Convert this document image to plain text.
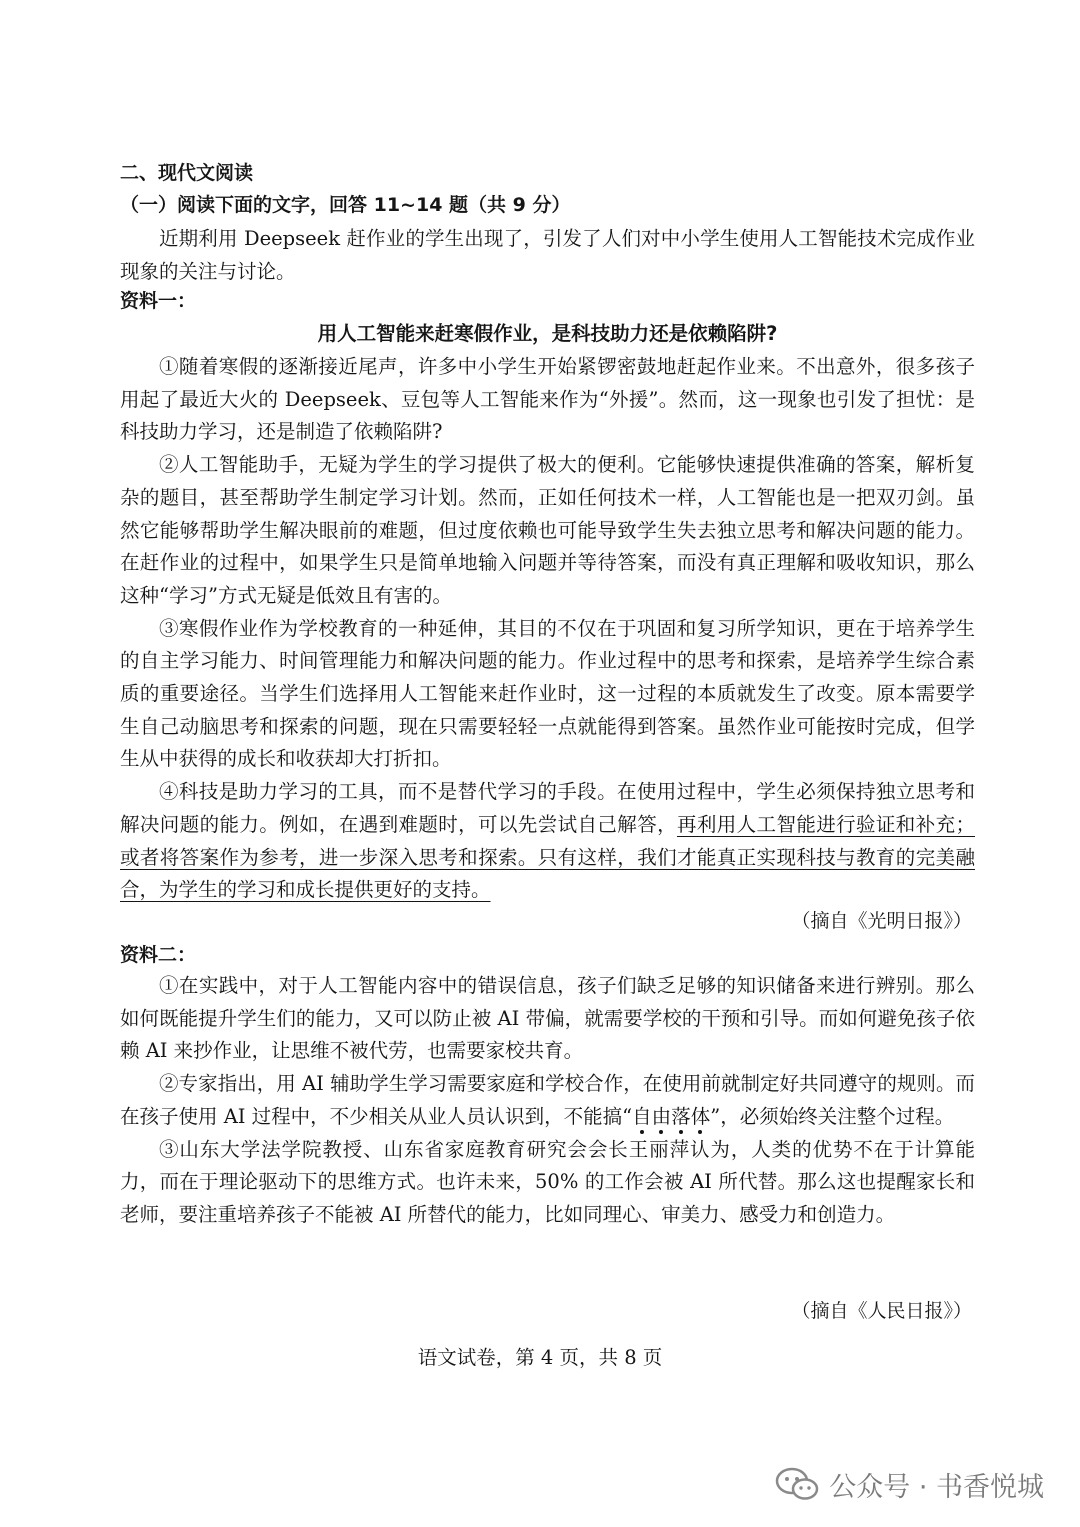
二、现代文阅读
（一）阅读下面的文字，回答 11~14 题（共 9 分）
近期利用 Deepseek 赶作业的学生出现了，引发了人们对中小学生使用人工智能技术完成作业现象的关注与讨论。
资料一：
用人工智能来赶寒假作业，是科技助力还是依赖陷阱?

①随着寒假的逐渐接近尾声，许多中小学生开始紧锣密鼓地赶起作业来。不出意外，很多孩子用起了最近大火的 Deepseek、豆包等人工智能来作为“外援”。然而，这一现象也引发了担忧：是科技助力学习，还是制造了依赖陷阱?

②人工智能助手，无疑为学生的学习提供了极大的便利。它能够快速提供准确的答案，解析复杂的题目，甚至帮助学生制定学习计划。然而，正如任何技术一样，人工智能也是一把双刃剑。虽然它能够帮助学生解决眼前的难题，但过度依赖也可能导致学生失去独立思考和解决问题的能力。在赶作业的过程中，如果学生只是简单地输入问题并等待答案，而没有真正理解和吸收知识，那么这种“学习”方式无疑是低效且有害的。

③寒假作业作为学校教育的一种延伸，其目的不仅在于巩固和复习所学知识，更在于培养学生的自主学习能力、时间管理能力和解决问题的能力。作业过程中的思考和探索，是培养学生综合素质的重要途径。当学生们选择用人工智能来赶作业时，这一过程的本质就发生了改变。原本需要学生自己动脑思考和探索的问题，现在只需要轻轻一点就能得到答案。虽然作业可能按时完成，但学生从中获得的成长和收获却大打折扣。

④科技是助力学习的工具，而不是替代学习的手段。在使用过程中，学生必须保持独立思考和解决问题的能力。例如，在遇到难题时，可以先尝试自己解答，再利用人工智能进行验证和补充；或者将答案作为参考，进一步深入思考和探索。只有这样，我们才能真正实现科技与教育的完美融合，为学生的学习和成长提供更好的支持。

（摘自《光明日报》）
资料二：

①在实践中，对于人工智能内容中的错误信息，孩子们缺乏足够的知识储备来进行辨别。那么如何既能提升学生们的能力，又可以防止被 AI 带偏，就需要学校的干预和引导。而如何避免孩子依赖 AI 来抄作业，让思维不被代劳，也需要家校共育。

②专家指出，用 AI 辅助学生学习需要家庭和学校合作，在使用前就制定好共同遵守的规则。而在孩子使用 AI 过程中，不少相关从业人员认识到，不能搞“自由落体”，必须始终关注整个过程。

③山东大学法学院教授、山东省家庭教育研究会会长王丽萍认为，人类的优势不在于计算能力，而在于理论驱动下的思维方式。也许未来，50% 的工作会被 AI 所代替。那么这也提醒家长和老师，要注重培养孩子不能被 AI 所替代的能力，比如同理心、审美力、感受力和创造力。

（摘自《人民日报》）
语文试卷，第 4 页，共 8 页
公众号 · 书香悦城
